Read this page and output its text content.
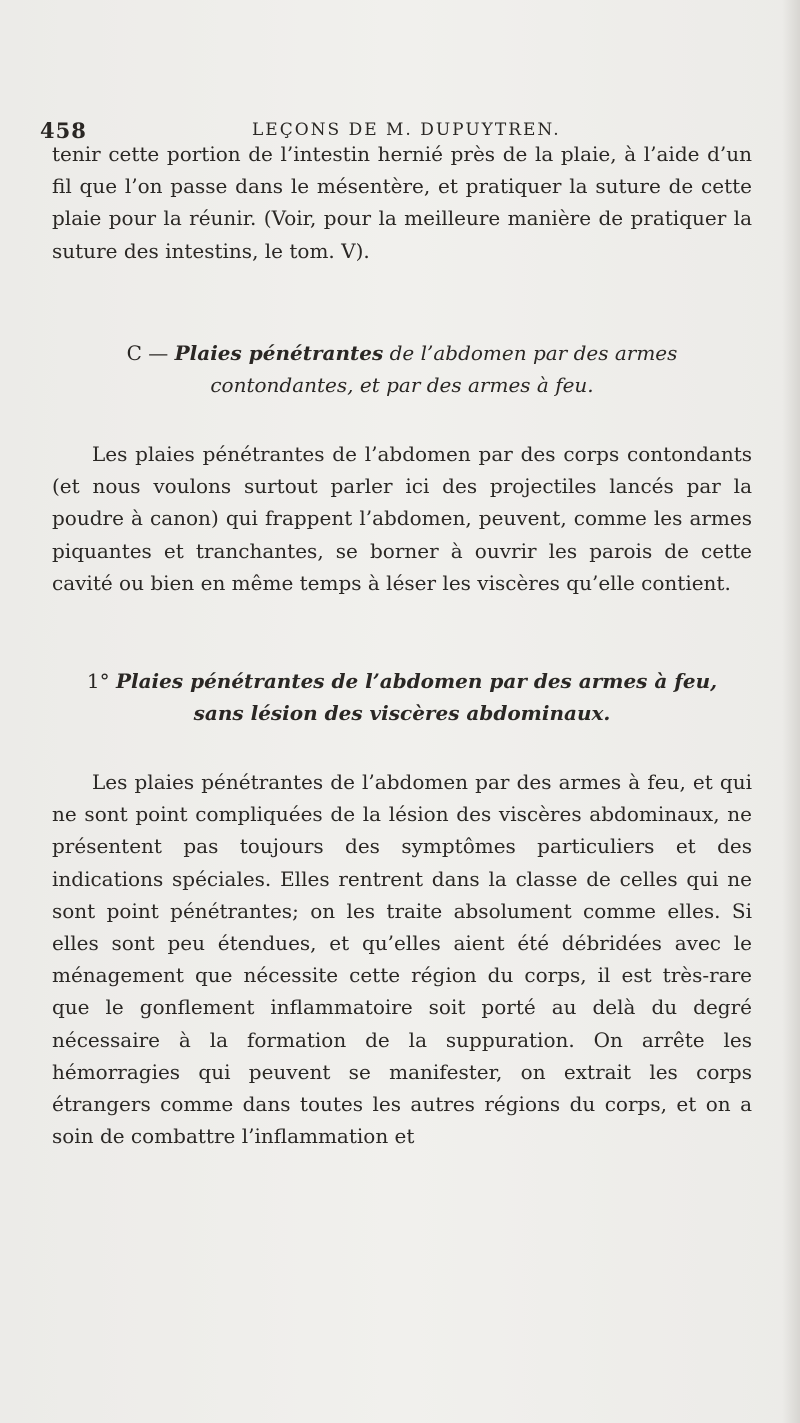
458	LEÇONS DE M. DUPUYTREN.

tenir cette portion de l’intestin hernié près de la plaie, à l’aide d’un fil que l’on passe dans le mésentère, et pratiquer la suture de cette plaie pour la réunir. (Voir, pour la meilleure manière de pratiquer la suture des intestins, le tom. V).

C — Plaies pénétrantes de l’abdomen par des armes
contondantes, et par des armes à feu.

Les plaies pénétrantes de l’abdomen par des corps contondants (et nous voulons surtout parler ici des projectiles lancés par la poudre à canon) qui frappent l’abdomen, peuvent, comme les armes piquantes et tranchantes, se borner à ouvrir les parois de cette cavité ou bien en même temps à léser les viscères qu’elle contient.

1° Plaies pénétrantes de l’abdomen par des armes à feu,
sans lésion des viscères abdominaux.

Les plaies pénétrantes de l’abdomen par des armes à feu, et qui ne sont point compliquées de la lésion des viscères abdominaux, ne présentent pas toujours des symptômes particuliers et des indications spéciales. Elles rentrent dans la classe de celles qui ne sont point pénétrantes; on les traite absolument comme elles. Si elles sont peu étendues, et qu’elles aient été débridées avec le ménagement que nécessite cette région du corps, il est très-rare que le gonflement inflammatoire soit porté au delà du degré nécessaire à la formation de la suppuration. On arrête les hémorragies qui peuvent se manifester, on extrait les corps étrangers comme dans toutes les autres régions du corps, et on a soin de combattre l’inflammation et
